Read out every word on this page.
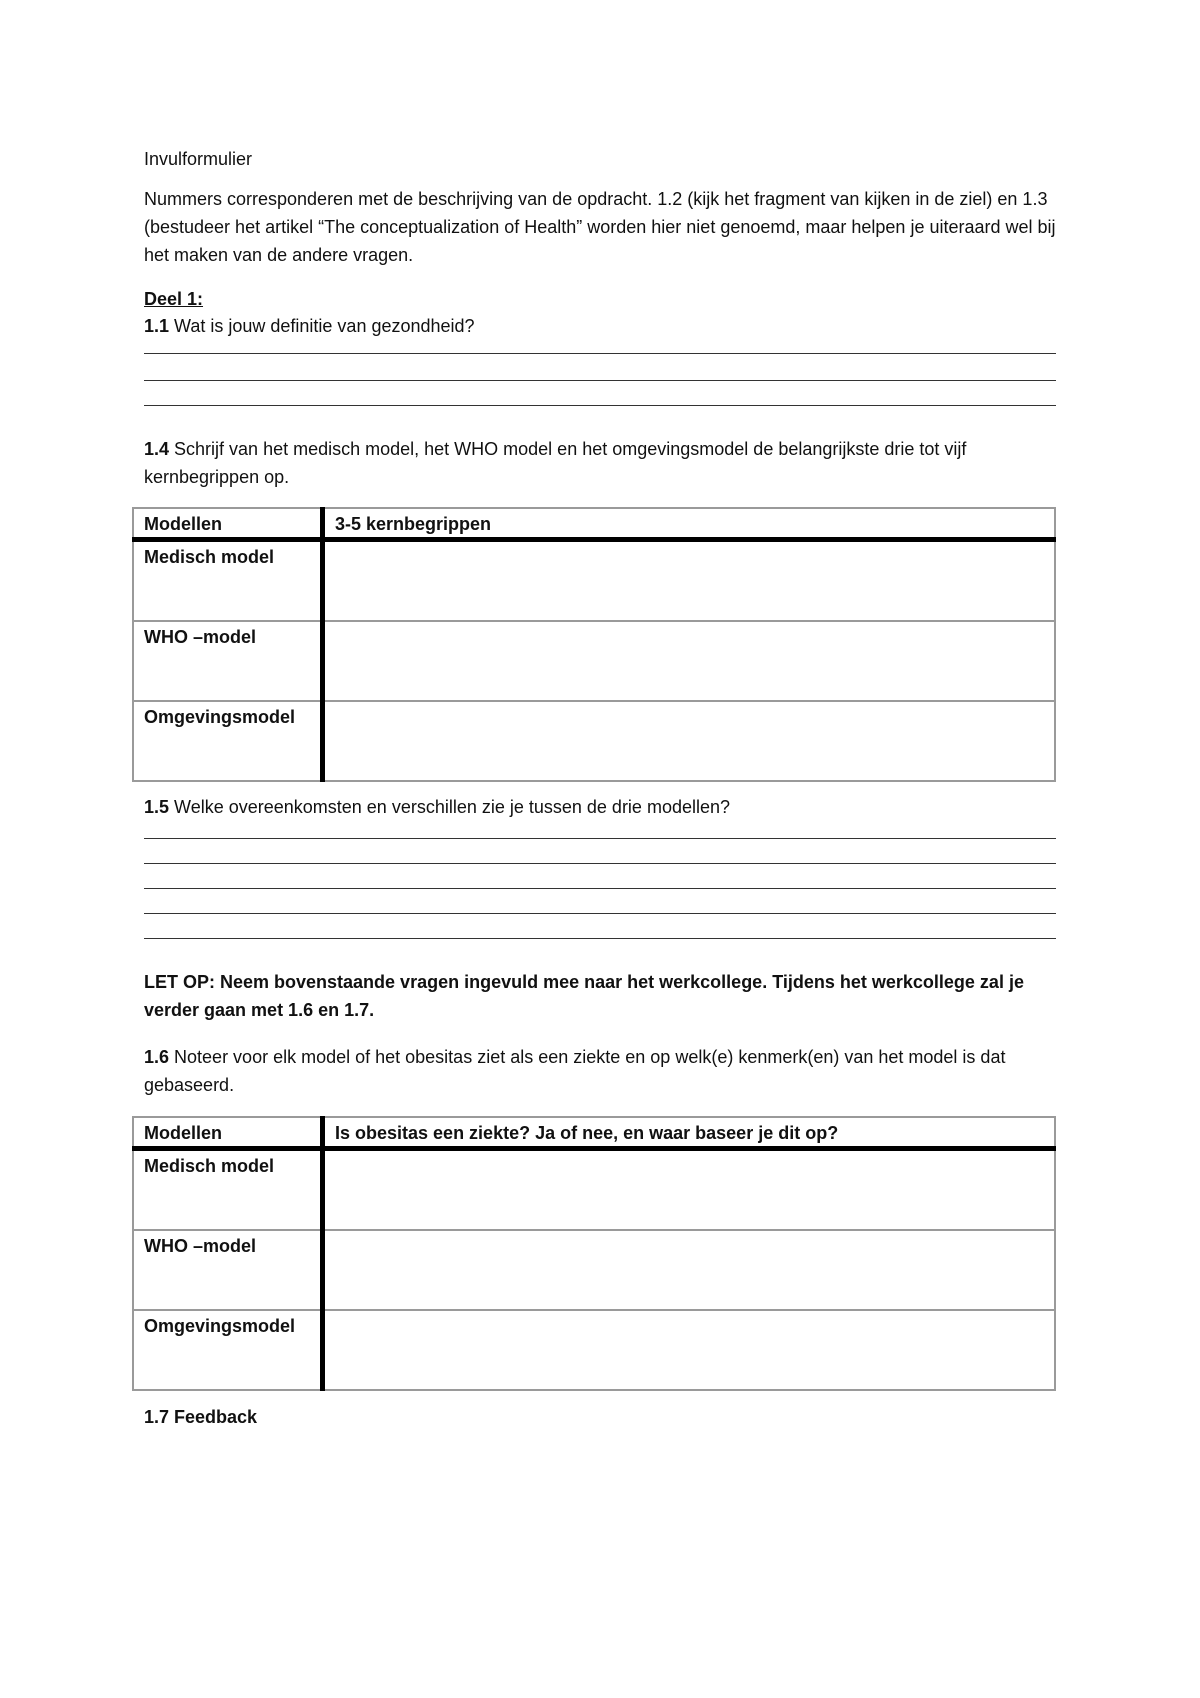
Invulformulier
Nummers corresponderen met de beschrijving van de opdracht. 1.2 (kijk het fragment van kijken in de ziel) en 1.3 (bestudeer het artikel “The conceptualization of Health” worden hier niet genoemd, maar helpen je uiteraard wel bij het maken van de andere vragen.
Deel 1:
1.1 Wat is jouw definitie van gezondheid?
1.4 Schrijf van het medisch model, het WHO model en het omgevingsmodel de belangrijkste drie tot vijf kernbegrippen op.
Modellen	3-5 kernbegrippen
Medisch model	
WHO –model	
Omgevingsmodel	
1.5 Welke overeenkomsten en verschillen zie je tussen de drie modellen?
LET OP: Neem bovenstaande vragen ingevuld mee naar het werkcollege. Tijdens het werkcollege zal je verder gaan met 1.6 en 1.7.
1.6 Noteer voor elk model of het obesitas ziet als een ziekte en op welk(e) kenmerk(en) van het model is dat gebaseerd.
Modellen	Is obesitas een ziekte? Ja of nee, en waar baseer je dit op?
Medisch model	
WHO –model	
Omgevingsmodel	
1.7 Feedback
